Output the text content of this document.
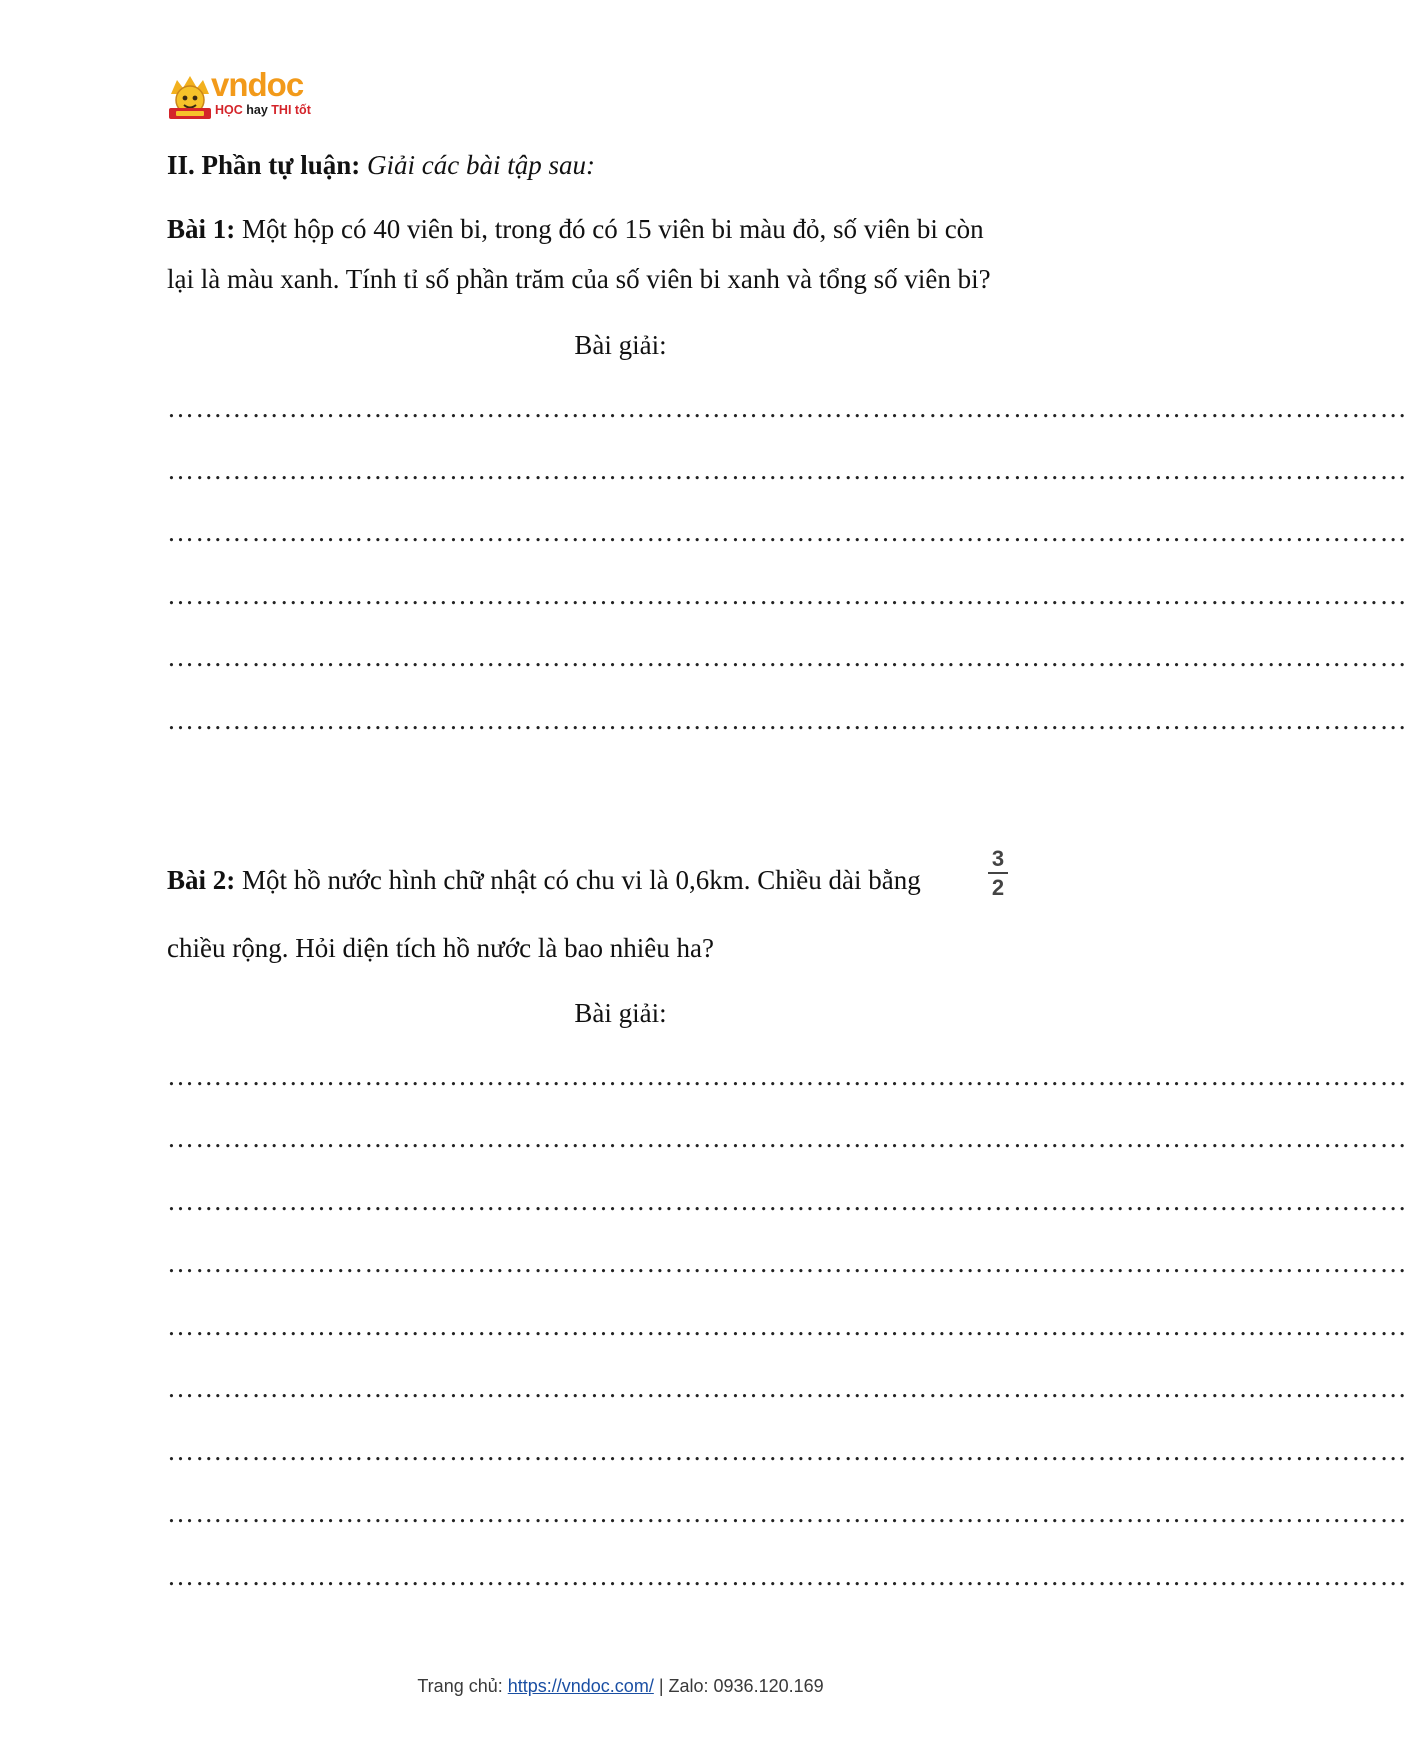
vndoc
HỌC hay THI tốt
II. Phần tự luận: Giải các bài tập sau:
Bài 1: Một hộp có 40 viên bi, trong đó có 15 viên bi màu đỏ, số viên bi còn
lại là màu xanh. Tính tỉ số phần trăm của số viên bi xanh và tổng số viên bi?
Bài giải:
……………………………………………………………………………………………………………………
……………………………………………………………………………………………………………………
……………………………………………………………………………………………………………………
……………………………………………………………………………………………………………………
……………………………………………………………………………………………………………………
……………………………………………………………………………………………………………………
Bài 2: Một hồ nước hình chữ nhật có chu vi là 0,6km. Chiều dài bằng
3
2
chiều rộng. Hỏi diện tích hồ nước là bao nhiêu ha?
Bài giải:
……………………………………………………………………………………………………………………
……………………………………………………………………………………………………………………
……………………………………………………………………………………………………………………
……………………………………………………………………………………………………………………
……………………………………………………………………………………………………………………
……………………………………………………………………………………………………………………
……………………………………………………………………………………………………………………
……………………………………………………………………………………………………………………
……………………………………………………………………………………………………………………
Trang chủ: https://vndoc.com/ | Zalo: 0936.120.169
